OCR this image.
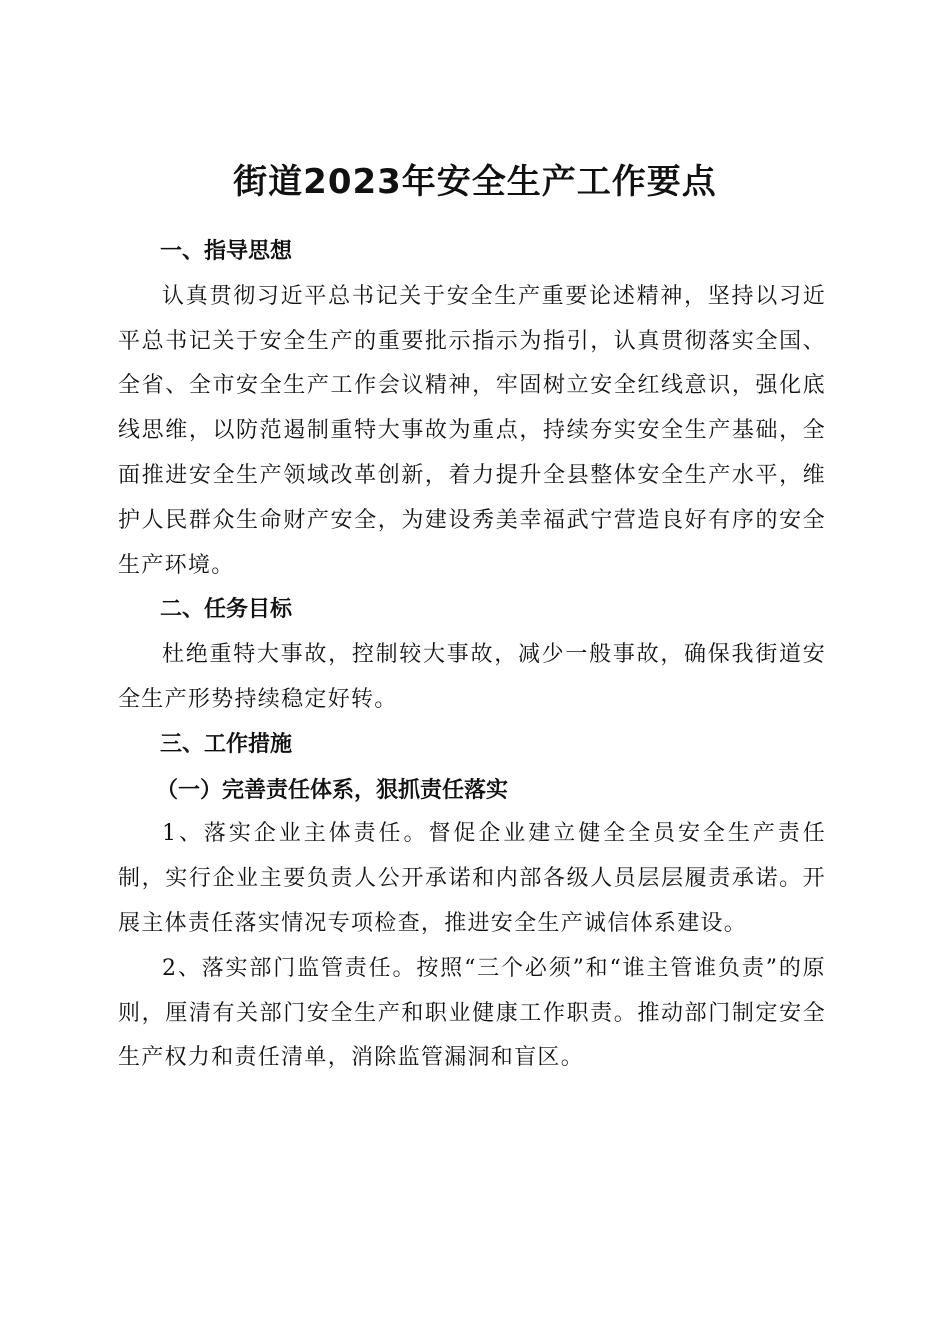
街道2023年安全生产工作要点
一、指导思想

认真贯彻习近平总书记关于安全生产重要论述精神，坚持以习近平总书记关于安全生产的重要批示指示为指引，认真贯彻落实全国、全省、全市安全生产工作会议精神，牢固树立安全红线意识，强化底线思维，以防范遏制重特大事故为重点，持续夯实安全生产基础，全面推进安全生产领域改革创新，着力提升全县整体安全生产水平，维护人民群众生命财产安全，为建设秀美幸福武宁营造良好有序的安全生产环境。

二、任务目标

杜绝重特大事故，控制较大事故，减少一般事故，确保我街道安全生产形势持续稳定好转。

三、工作措施
（一）完善责任体系，狠抓责任落实

1、落实企业主体责任。督促企业建立健全全员安全生产责任制，实行企业主要负责人公开承诺和内部各级人员层层履责承诺。开展主体责任落实情况专项检查，推进安全生产诚信体系建设。

2、落实部门监管责任。按照“三个必须”和“谁主管谁负责”的原则，厘清有关部门安全生产和职业健康工作职责。推动部门制定安全生产权力和责任清单，消除监管漏洞和盲区。
